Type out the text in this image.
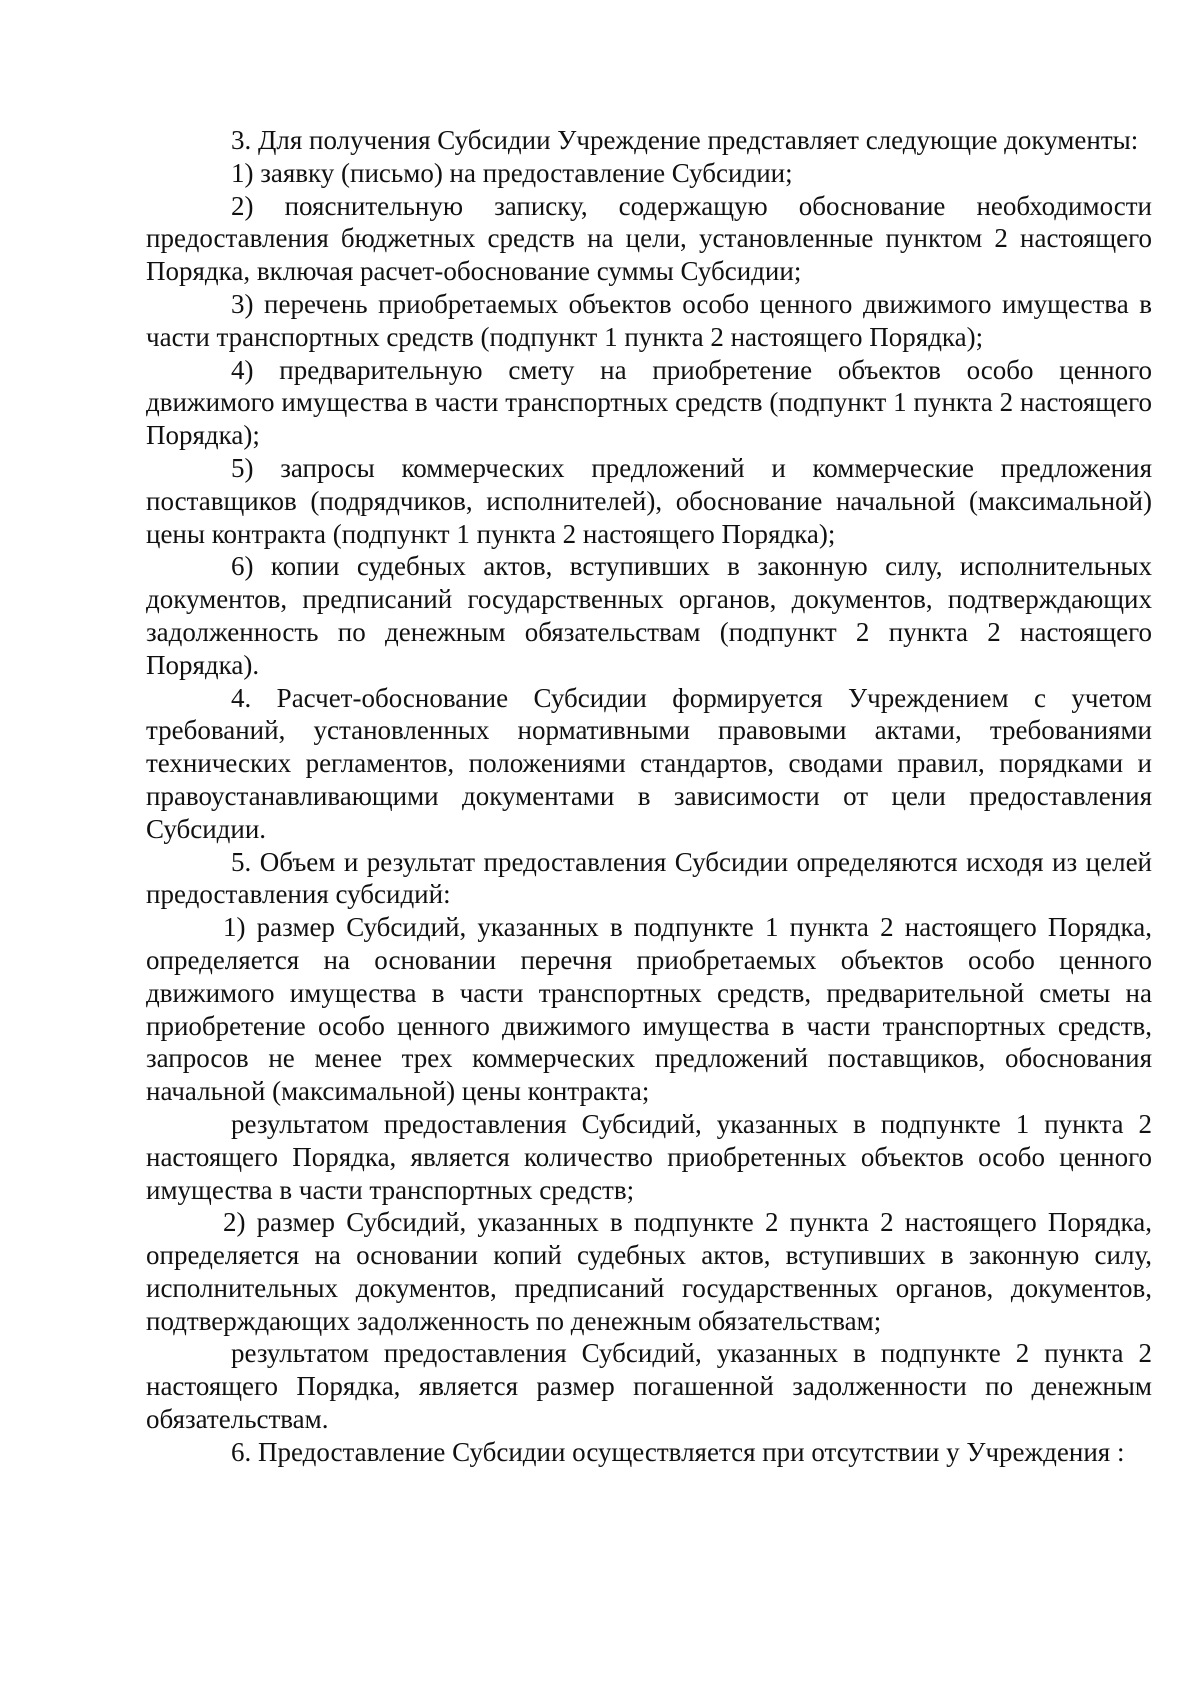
3. Для получения Субсидии Учреждение представляет следующие документы:

1) заявку (письмо) на предоставление Субсидии;

2) пояснительную записку, содержащую обоснование необходимости предоставления бюджетных средств на цели, установленные пунктом 2 настоящего Порядка, включая расчет-обоснование суммы Субсидии;

3) перечень приобретаемых объектов особо ценного движимого имущества в части транспортных средств (подпункт 1 пункта 2 настоящего Порядка);

4) предварительную смету на приобретение объектов особо ценного движимого имущества в части транспортных средств (подпункт 1 пункта 2 настоящего Порядка);

5) запросы коммерческих предложений и коммерческие предложения поставщиков (подрядчиков, исполнителей), обоснование начальной (максимальной) цены контракта (подпункт 1 пункта 2 настоящего Порядка);

6) копии судебных актов, вступивших в законную силу, исполнительных документов, предписаний государственных органов, документов, подтверждающих задолженность по денежным обязательствам (подпункт 2 пункта 2 настоящего Порядка).

4. Расчет-обоснование Субсидии формируется Учреждением с учетом требований, установленных нормативными правовыми актами, требованиями технических регламентов, положениями стандартов, сводами правил, порядками и правоустанавливающими документами в зависимости от цели предоставления Субсидии.

5. Объем и результат предоставления Субсидии определяются исходя из целей предоставления субсидий:

1) размер Субсидий, указанных в подпункте 1 пункта 2 настоящего Порядка, определяется на основании перечня приобретаемых объектов особо ценного движимого имущества в части транспортных средств, предварительной сметы на приобретение особо ценного движимого имущества в части транспортных средств, запросов не менее трех коммерческих предложений поставщиков, обоснования начальной (максимальной) цены контракта;

результатом предоставления Субсидий, указанных в подпункте 1 пункта 2 настоящего Порядка, является количество приобретенных объектов особо ценного имущества в части транспортных средств;

2) размер Субсидий, указанных в подпункте 2 пункта 2 настоящего Порядка, определяется на основании копий судебных актов, вступивших в законную силу, исполнительных документов, предписаний государственных органов, документов, подтверждающих задолженность по денежным обязательствам;

результатом предоставления Субсидий, указанных в подпункте 2 пункта 2 настоящего Порядка, является размер погашенной задолженности по денежным обязательствам.

6. Предоставление Субсидии осуществляется при отсутствии у Учреждения :
